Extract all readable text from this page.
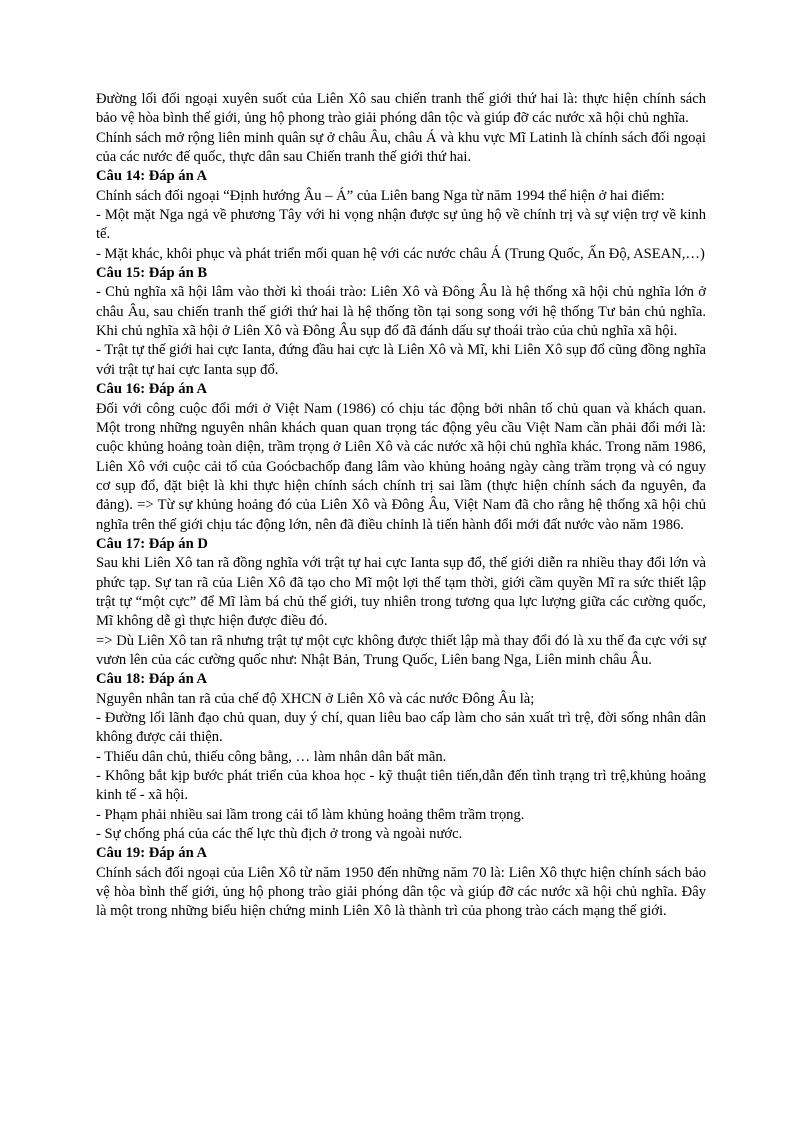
Đường lối đối ngoại xuyên suốt của Liên Xô sau chiến tranh thế giới thứ hai là: thực hiện chính sách bảo vệ hòa bình thế giới, ủng hộ phong trào giải phóng dân tộc và giúp đỡ các nước xã hội chủ nghĩa.

Chính sách mở rộng liên minh quân sự ở châu Âu, châu Á và khu vực Mĩ Latinh là chính sách đối ngoại của các nước đế quốc, thực dân sau Chiến tranh thế giới thứ hai.

Câu 14: Đáp án A

Chính sách đối ngoại “Định hướng Âu – Á” của Liên bang Nga từ năm 1994 thể hiện ở hai điểm:

- Một mặt Nga ngả về phương Tây với hi vọng nhận được sự ủng hộ về chính trị và sự viện trợ về kinh tế.

- Mặt khác, khôi phục và phát triển mối quan hệ với các nước châu Á (Trung Quốc, Ấn Độ, ASEAN,…)

Câu 15: Đáp án B

- Chủ nghĩa xã hội lâm vào thời kì thoái trào: Liên Xô và Đông Âu là hệ thống xã hội chủ nghĩa lớn ở châu Âu, sau chiến tranh thế giới thứ hai là hệ thống tồn tại song song với hệ thống Tư bản chủ nghĩa. Khi chủ nghĩa xã hội ở Liên Xô và Đông Âu sụp đổ đã đánh dấu sự thoái trào của chủ nghĩa xã hội.

- Trật tự thế giới hai cực Ianta, đứng đầu hai cực là Liên Xô và Mĩ, khi Liên Xô sụp đổ cũng đồng nghĩa với trật tự hai cực Ianta sụp đổ.

Câu 16: Đáp án A

Đối với công cuộc đổi mới ở Việt Nam (1986) có chịu tác động bởi nhân tố chủ quan và khách quan. Một trong những nguyên nhân khách quan quan trọng tác động yêu cầu Việt Nam cần phải đổi mới là: cuộc khủng hoảng toàn diện, trầm trọng ở Liên Xô và các nước xã hội chủ nghĩa khác. Trong năm 1986, Liên Xô với cuộc cải tổ của Goócbachốp đang lâm vào khủng hoảng ngày càng trầm trọng và có nguy cơ sụp đổ, đặt biệt là khi thực hiện chính sách chính trị sai lầm (thực hiện chính sách đa nguyên, đa đảng). => Từ sự khủng hoảng đó của Liên Xô và Đông Âu, Việt Nam đã cho rằng hệ thống xã hội chủ nghĩa trên thế giới chịu tác động lớn, nên đã điều chỉnh là tiến hành đổi mới đất nước vào năm 1986.

Câu 17: Đáp án D

Sau khi Liên Xô tan rã đồng nghĩa với trật tự hai cực Ianta sụp đổ, thế giới diễn ra nhiều thay đổi lớn và phức tạp. Sự tan rã của Liên Xô đã tạo cho Mĩ một lợi thế tạm thời, giới cầm quyền Mĩ ra sức thiết lập trật tự “một cực” để Mĩ làm bá chủ thế giới, tuy nhiên trong tương qua lực lượng giữa các cường quốc, Mĩ không dễ gì thực hiện được điều đó.

=> Dù Liên Xô tan rã nhưng trật tự một cực không được thiết lập mà thay đổi đó là xu thế đa cực với sự vươn lên của các cường quốc như: Nhật Bản, Trung Quốc, Liên bang Nga, Liên minh châu Âu.

Câu 18: Đáp án A

Nguyên nhân tan rã của chế độ XHCN ở Liên Xô và các nước Đông Âu là;

- Đường lối lãnh đạo chủ quan, duy ý chí, quan liêu bao cấp làm cho sản xuất trì trệ, đời sống nhân dân không được cải thiện.

- Thiếu dân chủ, thiếu công bằng, … làm nhân dân bất mãn.

- Không bắt kịp bước phát triển của khoa học - kỹ thuật tiên tiến,dẫn đến tình trạng trì trệ,khủng hoảng kinh tế - xã hội.

- Phạm phải nhiều sai lầm trong cải tổ làm khủng hoảng thêm trầm trọng.

- Sự chống phá của các thế lực thù địch ở trong và ngoài nước.

Câu 19: Đáp án A

Chính sách đối ngoại của Liên Xô từ năm 1950 đến những năm 70 là: Liên Xô thực hiện chính sách bảo vệ hòa bình thế giới, ủng hộ phong trào giải phóng dân tộc và giúp đỡ các nước xã hội chủ nghĩa. Đây là một trong những biểu hiện chứng minh Liên Xô là thành trì của phong trào cách mạng thế giới.
